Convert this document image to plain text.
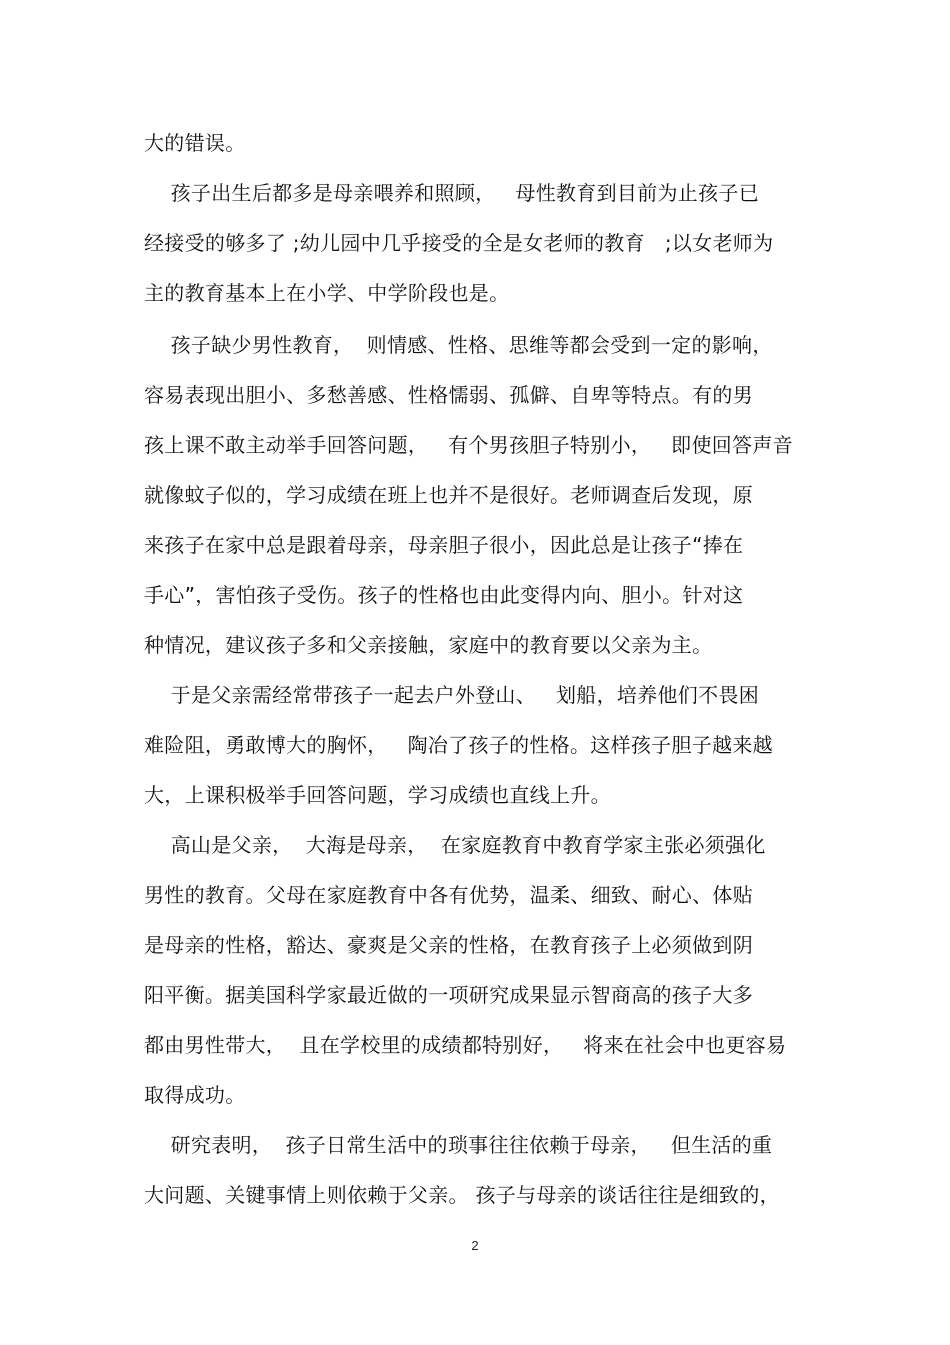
大的错误。
孩子出生后都多是母亲喂养和照顾，   母性教育到目前为止孩子已
经接受的够多了 ;幼儿园中几乎接受的全是女老师的教育   ;以女老师为
主的教育基本上在小学、中学阶段也是。
孩子缺少男性教育，  则情感、性格、思维等都会受到一定的影响，
容易表现出胆小、多愁善感、性格懦弱、孤僻、自卑等特点。有的男
孩上课不敢主动举手回答问题，   有个男孩胆子特别小，   即使回答声音
就像蚊子似的，学习成绩在班上也并不是很好。老师调查后发现，原
来孩子在家中总是跟着母亲，母亲胆子很小，因此总是让孩子“捧在
手心”，害怕孩子受伤。孩子的性格也由此变得内向、胆小。针对这
种情况，建议孩子多和父亲接触，家庭中的教育要以父亲为主。
于是父亲需经常带孩子一起去户外登山、   划船，培养他们不畏困
难险阻，勇敢博大的胸怀，   陶冶了孩子的性格。这样孩子胆子越来越
大，上课积极举手回答问题，学习成绩也直线上升。
高山是父亲，  大海是母亲，  在家庭教育中教育学家主张必须强化
男性的教育。父母在家庭教育中各有优势，温柔、细致、耐心、体贴
是母亲的性格，豁达、豪爽是父亲的性格，在教育孩子上必须做到阴
阳平衡。据美国科学家最近做的一项研究成果显示智商高的孩子大多
都由男性带大，  且在学校里的成绩都特别好，   将来在社会中也更容易
取得成功。
研究表明，  孩子日常生活中的琐事往往依赖于母亲，   但生活的重
大问题、关键事情上则依赖于父亲。 孩子与母亲的谈话往往是细致的，
2
